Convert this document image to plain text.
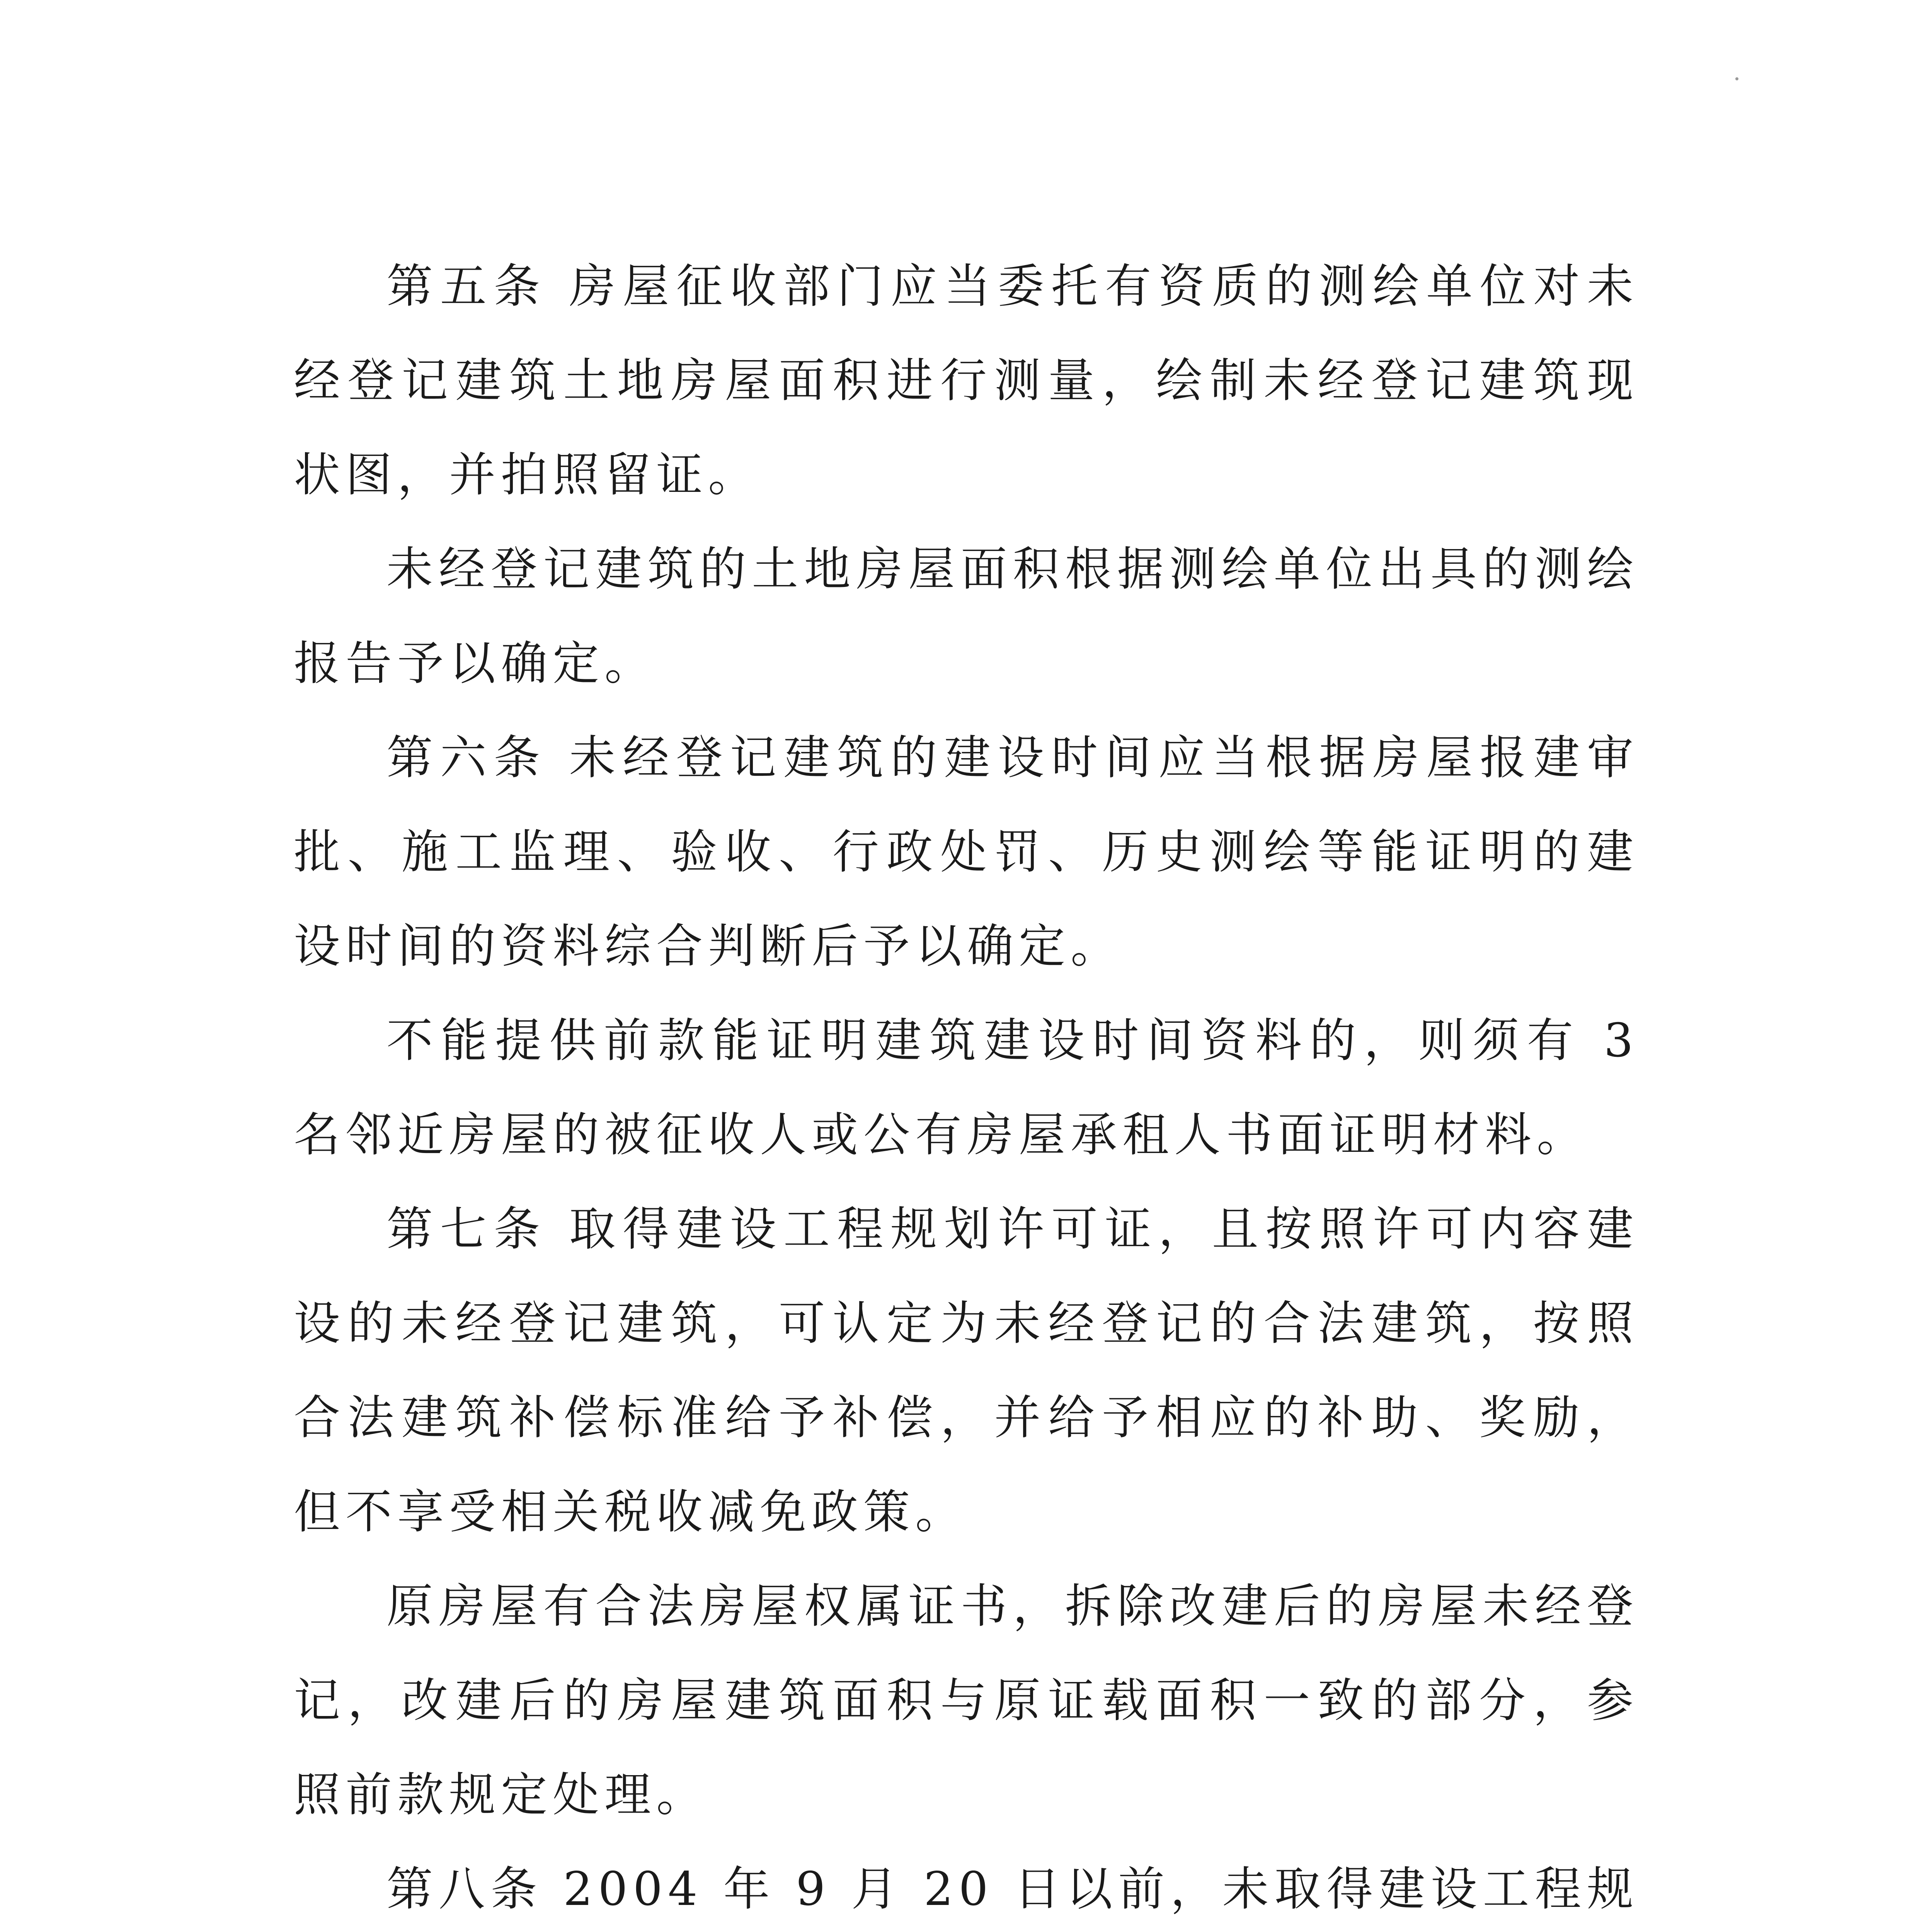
第五条 房屋征收部门应当委托有资质的测绘单位对未经登记建筑土地房屋面积进行测量，绘制未经登记建筑现状图，并拍照留证。

未经登记建筑的土地房屋面积根据测绘单位出具的测绘报告予以确定。

第六条 未经登记建筑的建设时间应当根据房屋报建审批、施工监理、验收、行政处罚、历史测绘等能证明的建设时间的资料综合判断后予以确定。

不能提供前款能证明建筑建设时间资料的，则须有 3 名邻近房屋的被征收人或公有房屋承租人书面证明材料。

第七条 取得建设工程规划许可证，且按照许可内容建设的未经登记建筑，可认定为未经登记的合法建筑，按照合法建筑补偿标准给予补偿，并给予相应的补助、奖励，但不享受相关税收减免政策。

原房屋有合法房屋权属证书，拆除改建后的房屋未经登记，改建后的房屋建筑面积与原证载面积一致的部分，参照前款规定处理。

第八条 2004 年 9 月 20 日以前，未取得建设工程规
